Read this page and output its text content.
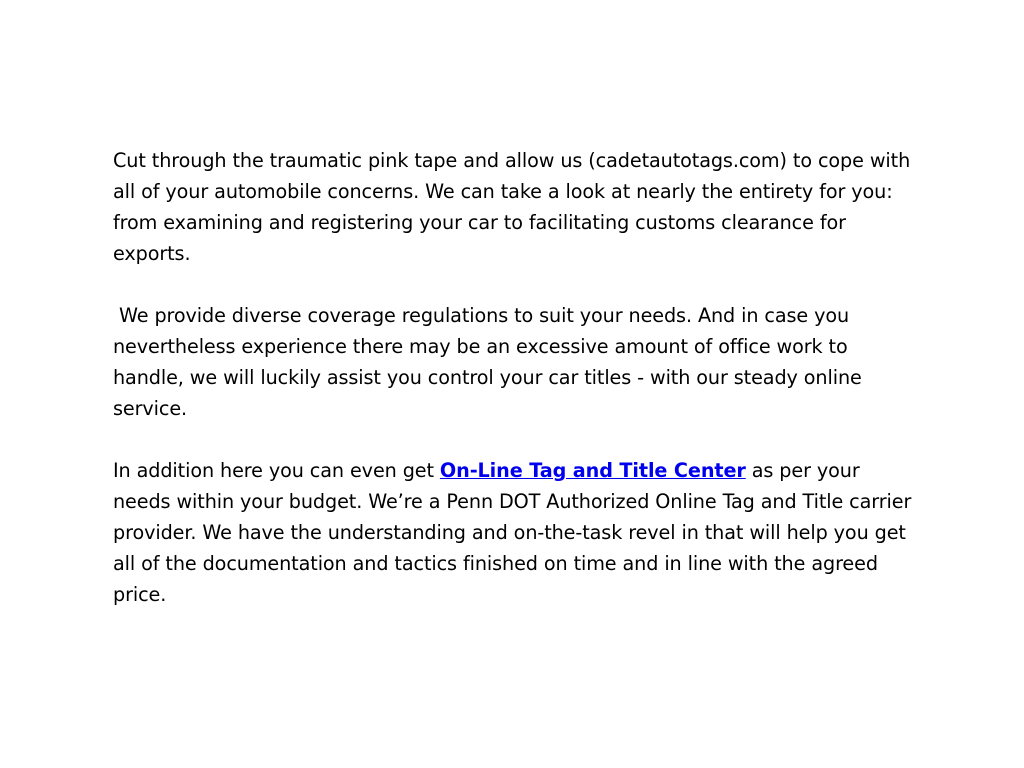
Cut through the traumatic pink tape and allow us (cadetautotags.com) to cope with all of your automobile concerns. We can take a look at nearly the entirety for you: from examining and registering your car to facilitating customs clearance for exports.

We provide diverse coverage regulations to suit your needs. And in case you nevertheless experience there may be an excessive amount of office work to handle, we will luckily assist you control your car titles - with our steady online service.

In addition here you can even get On-Line Tag and Title Center as per your needs within your budget. We’re a Penn DOT Authorized Online Tag and Title carrier provider. We have the understanding and on-the-task revel in that will help you get all of the documentation and tactics finished on time and in line with the agreed price.
